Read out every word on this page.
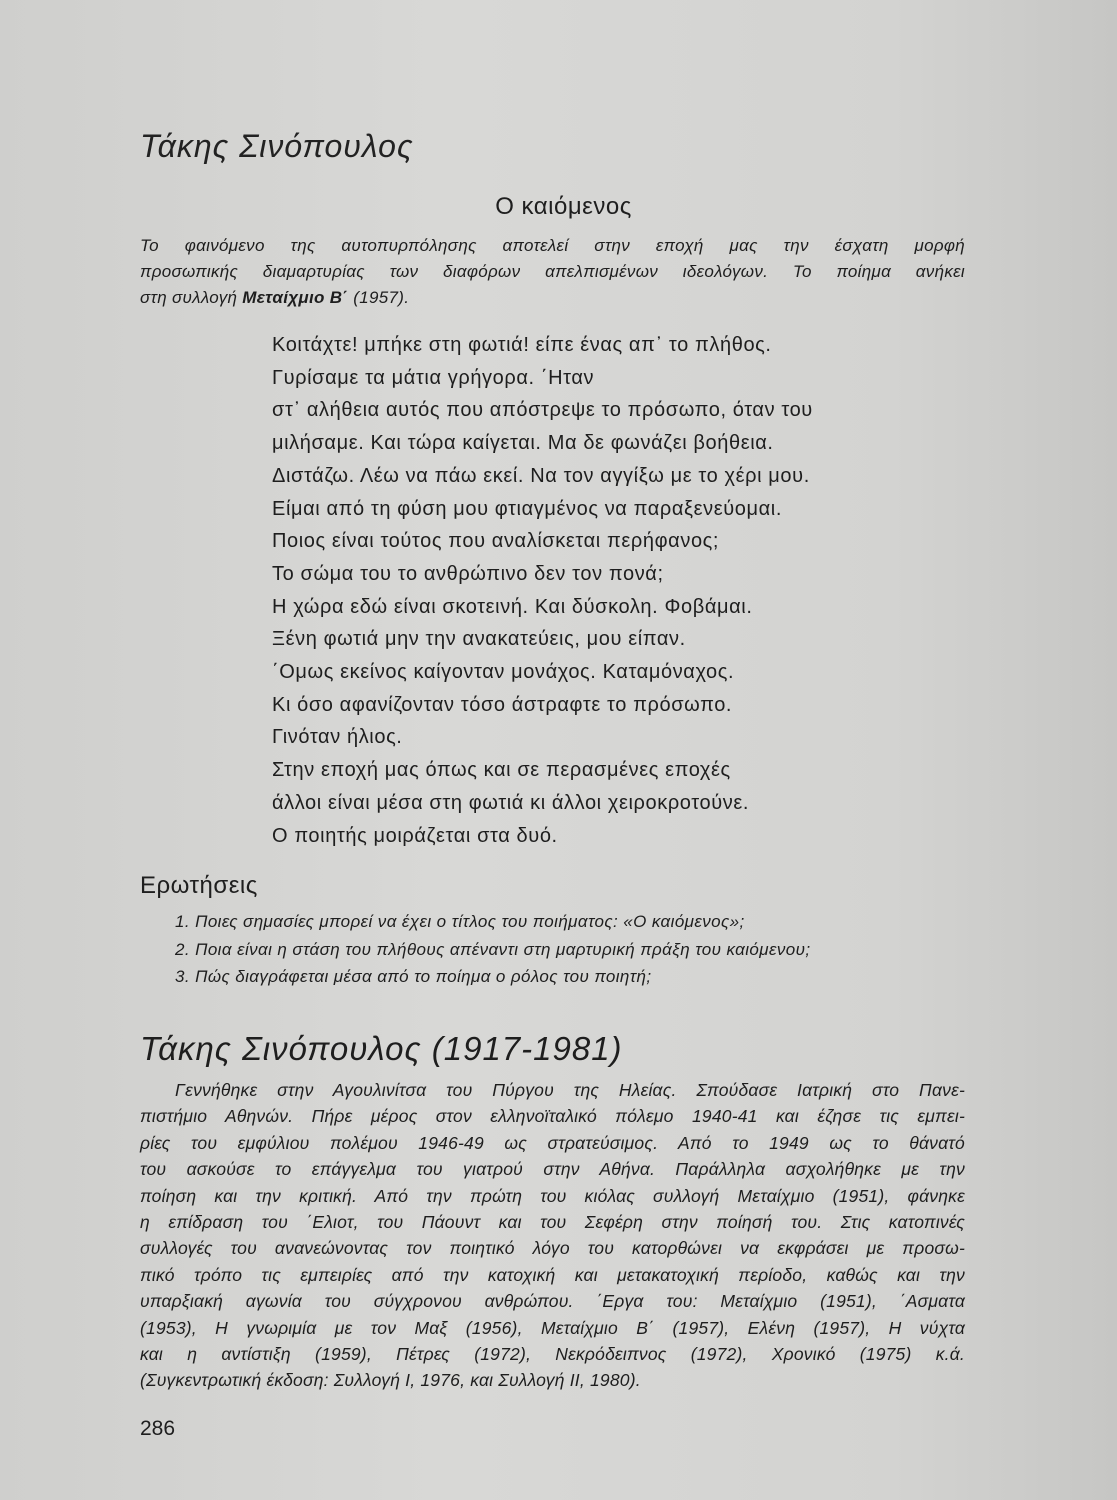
Τάκης Σινόπουλος
Ο καιόμενος
Το φαινόμενο της αυτοπυρπόλησης αποτελεί στην εποχή μας την έσχατη μορφή
προσωπικής διαμαρτυρίας των διαφόρων απελπισμένων ιδεολόγων. Το ποίημα ανήκει
στη συλλογή Μεταίχμιο Β΄ (1957).
Κοιτάχτε! μπήκε στη φωτιά! είπε ένας απ᾽ το πλήθος.
Γυρίσαμε τα μάτια γρήγορα. ΄Ηταν
στ᾽ αλήθεια αυτός που απόστρεψε το πρόσωπο, όταν του
μιλήσαμε. Και τώρα καίγεται. Μα δε φωνάζει βοήθεια.
Διστάζω. Λέω να πάω εκεί. Να τον αγγίξω με το χέρι μου.
Είμαι από τη φύση μου φτιαγμένος να παραξενεύομαι.
Ποιος είναι τούτος που αναλίσκεται περήφανος;
Το σώμα του το ανθρώπινο δεν τον πονά;
Η χώρα εδώ είναι σκοτεινή. Και δύσκολη. Φοβάμαι.
Ξένη φωτιά μην την ανακατεύεις, μου είπαν.
΄Ομως εκείνος καίγονταν μονάχος. Καταμόναχος.
Κι όσο αφανίζονταν τόσο άστραφτε το πρόσωπο.
Γινόταν ήλιος.
Στην εποχή μας όπως και σε περασμένες εποχές
άλλοι είναι μέσα στη φωτιά κι άλλοι χειροκροτούνε.
Ο ποιητής μοιράζεται στα δυό.
Ερωτήσεις
1. Ποιες σημασίες μπορεί να έχει ο τίτλος του ποιήματος: «Ο καιόμενος»;
2. Ποια είναι η στάση του πλήθους απέναντι στη μαρτυρική πράξη του καιόμενου;
3. Πώς διαγράφεται μέσα από το ποίημα ο ρόλος του ποιητή;
Τάκης Σινόπουλος (1917-1981)
Γεννήθηκε στην Αγουλινίτσα του Πύργου της Ηλείας. Σπούδασε Ιατρική στο Πανε-
πιστήμιο Αθηνών. Πήρε μέρος στον ελληνοϊταλικό πόλεμο 1940-41 και έζησε τις εμπει-
ρίες του εμφύλιου πολέμου 1946-49 ως στρατεύσιμος. Από το 1949 ως το θάνατό
του ασκούσε το επάγγελμα του γιατρού στην Αθήνα. Παράλληλα ασχολήθηκε με την
ποίηση και την κριτική. Από την πρώτη του κιόλας συλλογή Μεταίχμιο (1951), φάνηκε
η επίδραση του ΄Ελιοτ, του Πάουντ και του Σεφέρη στην ποίησή του. Στις κατοπινές
συλλογές του ανανεώνοντας τον ποιητικό λόγο του κατορθώνει να εκφράσει με προσω-
πικό τρόπο τις εμπειρίες από την κατοχική και μετακατοχική περίοδο, καθώς και την
υπαρξιακή αγωνία του σύγχρονου ανθρώπου. ΄Εργα του: Μεταίχμιο (1951), ΄Ασματα
(1953), Η γνωριμία με τον Μαξ (1956), Μεταίχμιο Β΄ (1957), Ελένη (1957), Η νύχτα
και η αντίστιξη (1959), Πέτρες (1972), Νεκρόδειπνος (1972), Χρονικό (1975) κ.ά.
(Συγκεντρωτική έκδοση: Συλλογή Ι, 1976, και Συλλογή ΙΙ, 1980).
286
